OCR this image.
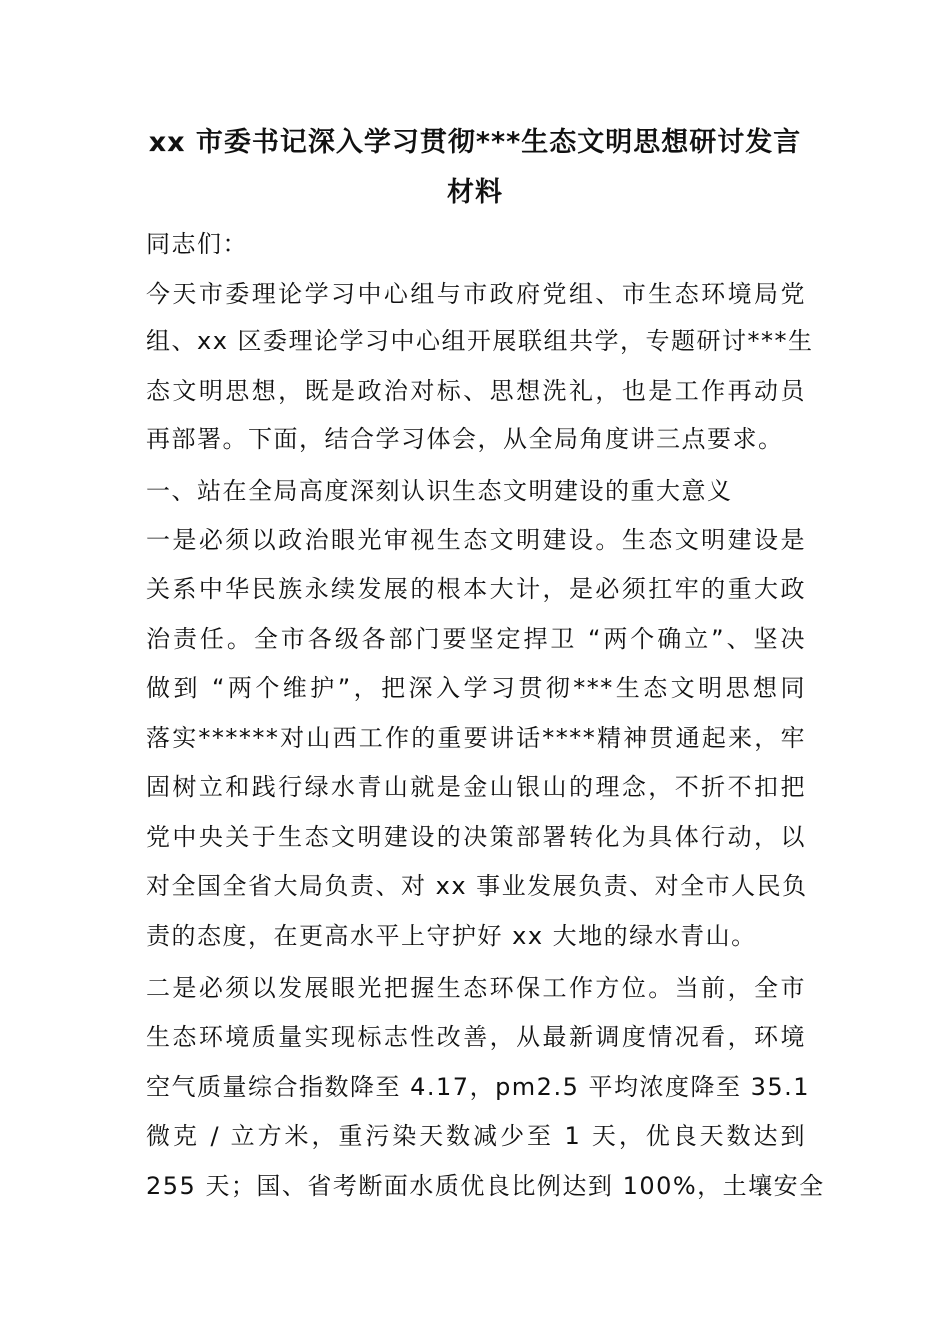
xx 市委书记深入学习贯彻***生态文明思想研讨发言
材料
同志们：
今天市委理论学习中心组与市政府党组、市生态环境局党
组、xx 区委理论学习中心组开展联组共学，专题研讨***生
态文明思想，既是政治对标、思想洗礼，也是工作再动员
再部署。下面，结合学习体会，从全局角度讲三点要求。
一、站在全局高度深刻认识生态文明建设的重大意义
一是必须以政治眼光审视生态文明建设。生态文明建设是
关系中华民族永续发展的根本大计，是必须扛牢的重大政
治责任。全市各级各部门要坚定捍卫 “两个确立”、坚决
做到 “两个维护”，把深入学习贯彻***生态文明思想同
落实******对山西工作的重要讲话****精神贯通起来，牢
固树立和践行绿水青山就是金山银山的理念，不折不扣把
党中央关于生态文明建设的决策部署转化为具体行动，以
对全国全省大局负责、对 xx 事业发展负责、对全市人民负
责的态度，在更高水平上守护好 xx 大地的绿水青山。
二是必须以发展眼光把握生态环保工作方位。当前，全市
生态环境质量实现标志性改善，从最新调度情况看，环境
空气质量综合指数降至 4.17，pm2.5 平均浓度降至 35.1
微克 / 立方米，重污染天数减少至 1 天，优良天数达到
255 天；国、省考断面水质优良比例达到 100%，土壤安全
